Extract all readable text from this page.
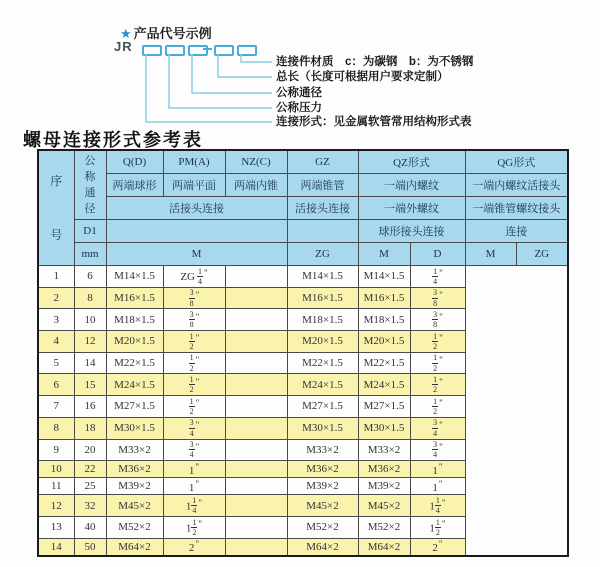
★ 产品代号示例
JR
连接件材质　c：为碳钢　b：为不锈钢
总长（长度可根据用户要求定制）
公称通径
公称压力
连接形式：见金属软管常用结构形式表
螺母连接形式参考表
序号	公称通径	Q(D)	PM(A)	NZ(C)	GZ	QZ形式		QG形式	
		两端球形	两端平面	两端内锥	两端锥管	一端内螺纹		一端内螺纹活接头	
		活接头连接			活接头连接	一端外螺纹		一端锥管螺纹接头	
	D1					球形接头连接		连接	
	mm	M			ZG	M	D	M	ZG
1	6	M14×1.5	ZG $\frac{1}{4} ^"$		M14×1.5	M14×1.5	$\frac{1}{4} ^"$
2	8	M16×1.5	$\frac{3}{8} ^"$		M16×1.5	M16×1.5	$\frac{3}{8} ^"$
3	10	M18×1.5	$\frac{3}{8} ^"$		M18×1.5	M18×1.5	$\frac{3}{8} ^"$
4	12	M20×1.5	$\frac{1}{2} ^"$		M20×1.5	M20×1.5	$\frac{1}{2} ^"$
5	14	M22×1.5	$\frac{1}{2} ^"$		M22×1.5	M22×1.5	$\frac{1}{2} ^"$
6	15	M24×1.5	$\frac{1}{2} ^"$		M24×1.5	M24×1.5	$\frac{1}{2} ^"$
7	16	M27×1.5	$\frac{1}{2} ^"$		M27×1.5	M27×1.5	$\frac{1}{2} ^"$
8	18	M30×1.5	$\frac{3}{4} ^"$		M30×1.5	M30×1.5	$\frac{3}{4} ^"$
9	20	M33×2	$\frac{3}{4} ^"$		M33×2	M33×2	$\frac{3}{4} ^"$
10	22	M36×2	1"		M36×2	M36×2	1"
11	25	M39×2	1"		M39×2	M39×2	1"
12	32	M45×2	$1 \frac{1}{4} ^"$		M45×2	M45×2	$1 \frac{1}{4} ^"$
13	40	M52×2	$1 \frac{1}{2} ^"$		M52×2	M52×2	$1 \frac{1}{2} ^"$
14	50	M64×2	2"		M64×2	M64×2	2"
